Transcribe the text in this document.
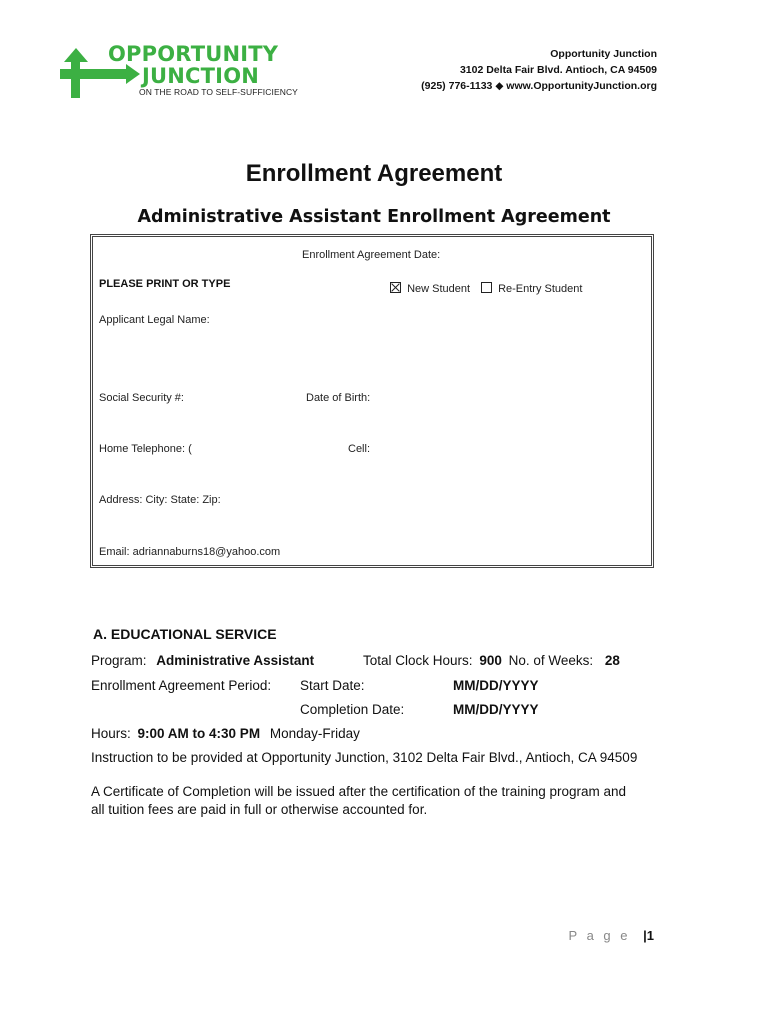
OPPORTUNITY
JUNCTION
ON THE ROAD TO SELF-SUFFICIENCY
Opportunity Junction
3102 Delta Fair Blvd. Antioch, CA 94509
(925) 776-1133 ◆ www.OpportunityJunction.org
Enrollment Agreement
Administrative Assistant Enrollment Agreement
Enrollment Agreement Date:
PLEASE PRINT OR TYPE	New Student	Re-Entry Student
Applicant Legal Name:
Social Security #:	Date of Birth:
Home Telephone: (	Cell:
Address: City: State: Zip:
Email: adriannaburns18@yahoo.com
A. EDUCATIONAL SERVICE
Program: Administrative Assistant	Total Clock Hours: 900 No. of Weeks: 28
Enrollment Agreement Period: Start Date:	MM/DD/YYYY
Completion Date:	MM/DD/YYYY
Hours: 9:00 AM to 4:30 PM Monday-Friday
Instruction to be provided at Opportunity Junction, 3102 Delta Fair Blvd., Antioch, CA 94509
A Certificate of Completion will be issued after the certification of the training program and
all tuition fees are paid in full or otherwise accounted for.
P a g e |1
